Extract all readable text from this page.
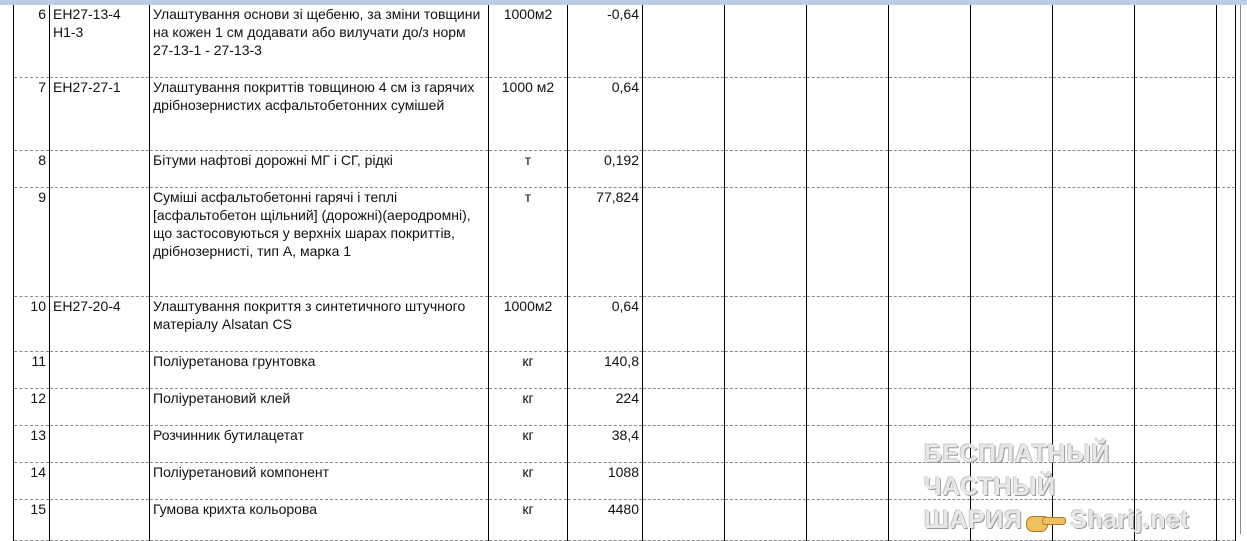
6	ЕН27-13-4 Н1-3	Улаштування основи зі щебеню, за зміни товщини на кожен 1 см додавати або вилучати до/з норм 27-13-1 - 27-13-3	1000м2	-0,64								
7	ЕН27-27-1	Улаштування покриттів товщиною 4 см із гарячих дрібнозернистих асфальтобетонних сумішей	1000 м2	0,64								
8		Бітуми нафтові дорожні МГ і СГ, рідкі	т	0,192								
9		Суміші асфальтобетонні гарячі і теплі [асфальтобетон щільний] (дорожні)(аеродромні), що застосовуються у верхніх шарах покриттів, дрібнозернисті, тип А, марка 1	т	77,824								
10	ЕН27-20-4	Улаштування покриття з синтетичного штучного матеріалу Alsatan CS	1000м2	0,64								
11		Поліуретанова грунтовка	кг	140,8								
12		Поліуретановий клей	кг	224								
13		Розчинник бутилацетат	кг	38,4								
14		Поліуретановий компонент	кг	1088								
15		Гумова крихта кольорова	кг	4480								
БЕСПЛАТНЫЙ ЧАСТНЫЙ
ШАРИЯ Sharij.net
